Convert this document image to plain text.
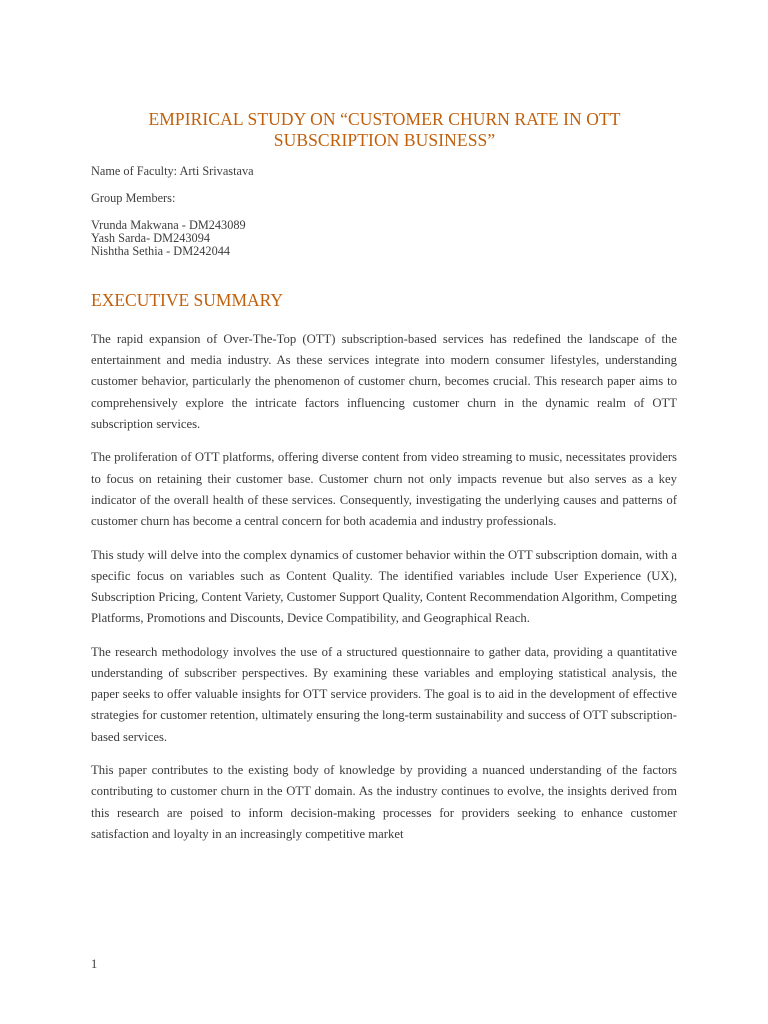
EMPIRICAL STUDY ON “CUSTOMER CHURN RATE IN OTT SUBSCRIPTION BUSINESS”
Name of Faculty: Arti Srivastava
Group Members:
Vrunda Makwana - DM243089
Yash Sarda- DM243094
Nishtha Sethia - DM242044
EXECUTIVE SUMMARY

The rapid expansion of Over-The-Top (OTT) subscription-based services has redefined the landscape of the entertainment and media industry. As these services integrate into modern consumer lifestyles, understanding customer behavior, particularly the phenomenon of customer churn, becomes crucial. This research paper aims to comprehensively explore the intricate factors influencing customer churn in the dynamic realm of OTT subscription services.

The proliferation of OTT platforms, offering diverse content from video streaming to music, necessitates providers to focus on retaining their customer base. Customer churn not only impacts revenue but also serves as a key indicator of the overall health of these services. Consequently, investigating the underlying causes and patterns of customer churn has become a central concern for both academia and industry professionals.

This study will delve into the complex dynamics of customer behavior within the OTT subscription domain, with a specific focus on variables such as Content Quality. The identified variables include User Experience (UX), Subscription Pricing, Content Variety, Customer Support Quality, Content Recommendation Algorithm, Competing Platforms, Promotions and Discounts, Device Compatibility, and Geographical Reach.

The research methodology involves the use of a structured questionnaire to gather data, providing a quantitative understanding of subscriber perspectives. By examining these variables and employing statistical analysis, the paper seeks to offer valuable insights for OTT service providers. The goal is to aid in the development of effective strategies for customer retention, ultimately ensuring the long-term sustainability and success of OTT subscription-based services.

This paper contributes to the existing body of knowledge by providing a nuanced understanding of the factors contributing to customer churn in the OTT domain. As the industry continues to evolve, the insights derived from this research are poised to inform decision-making processes for providers seeking to enhance customer satisfaction and loyalty in an increasingly competitive market

1
